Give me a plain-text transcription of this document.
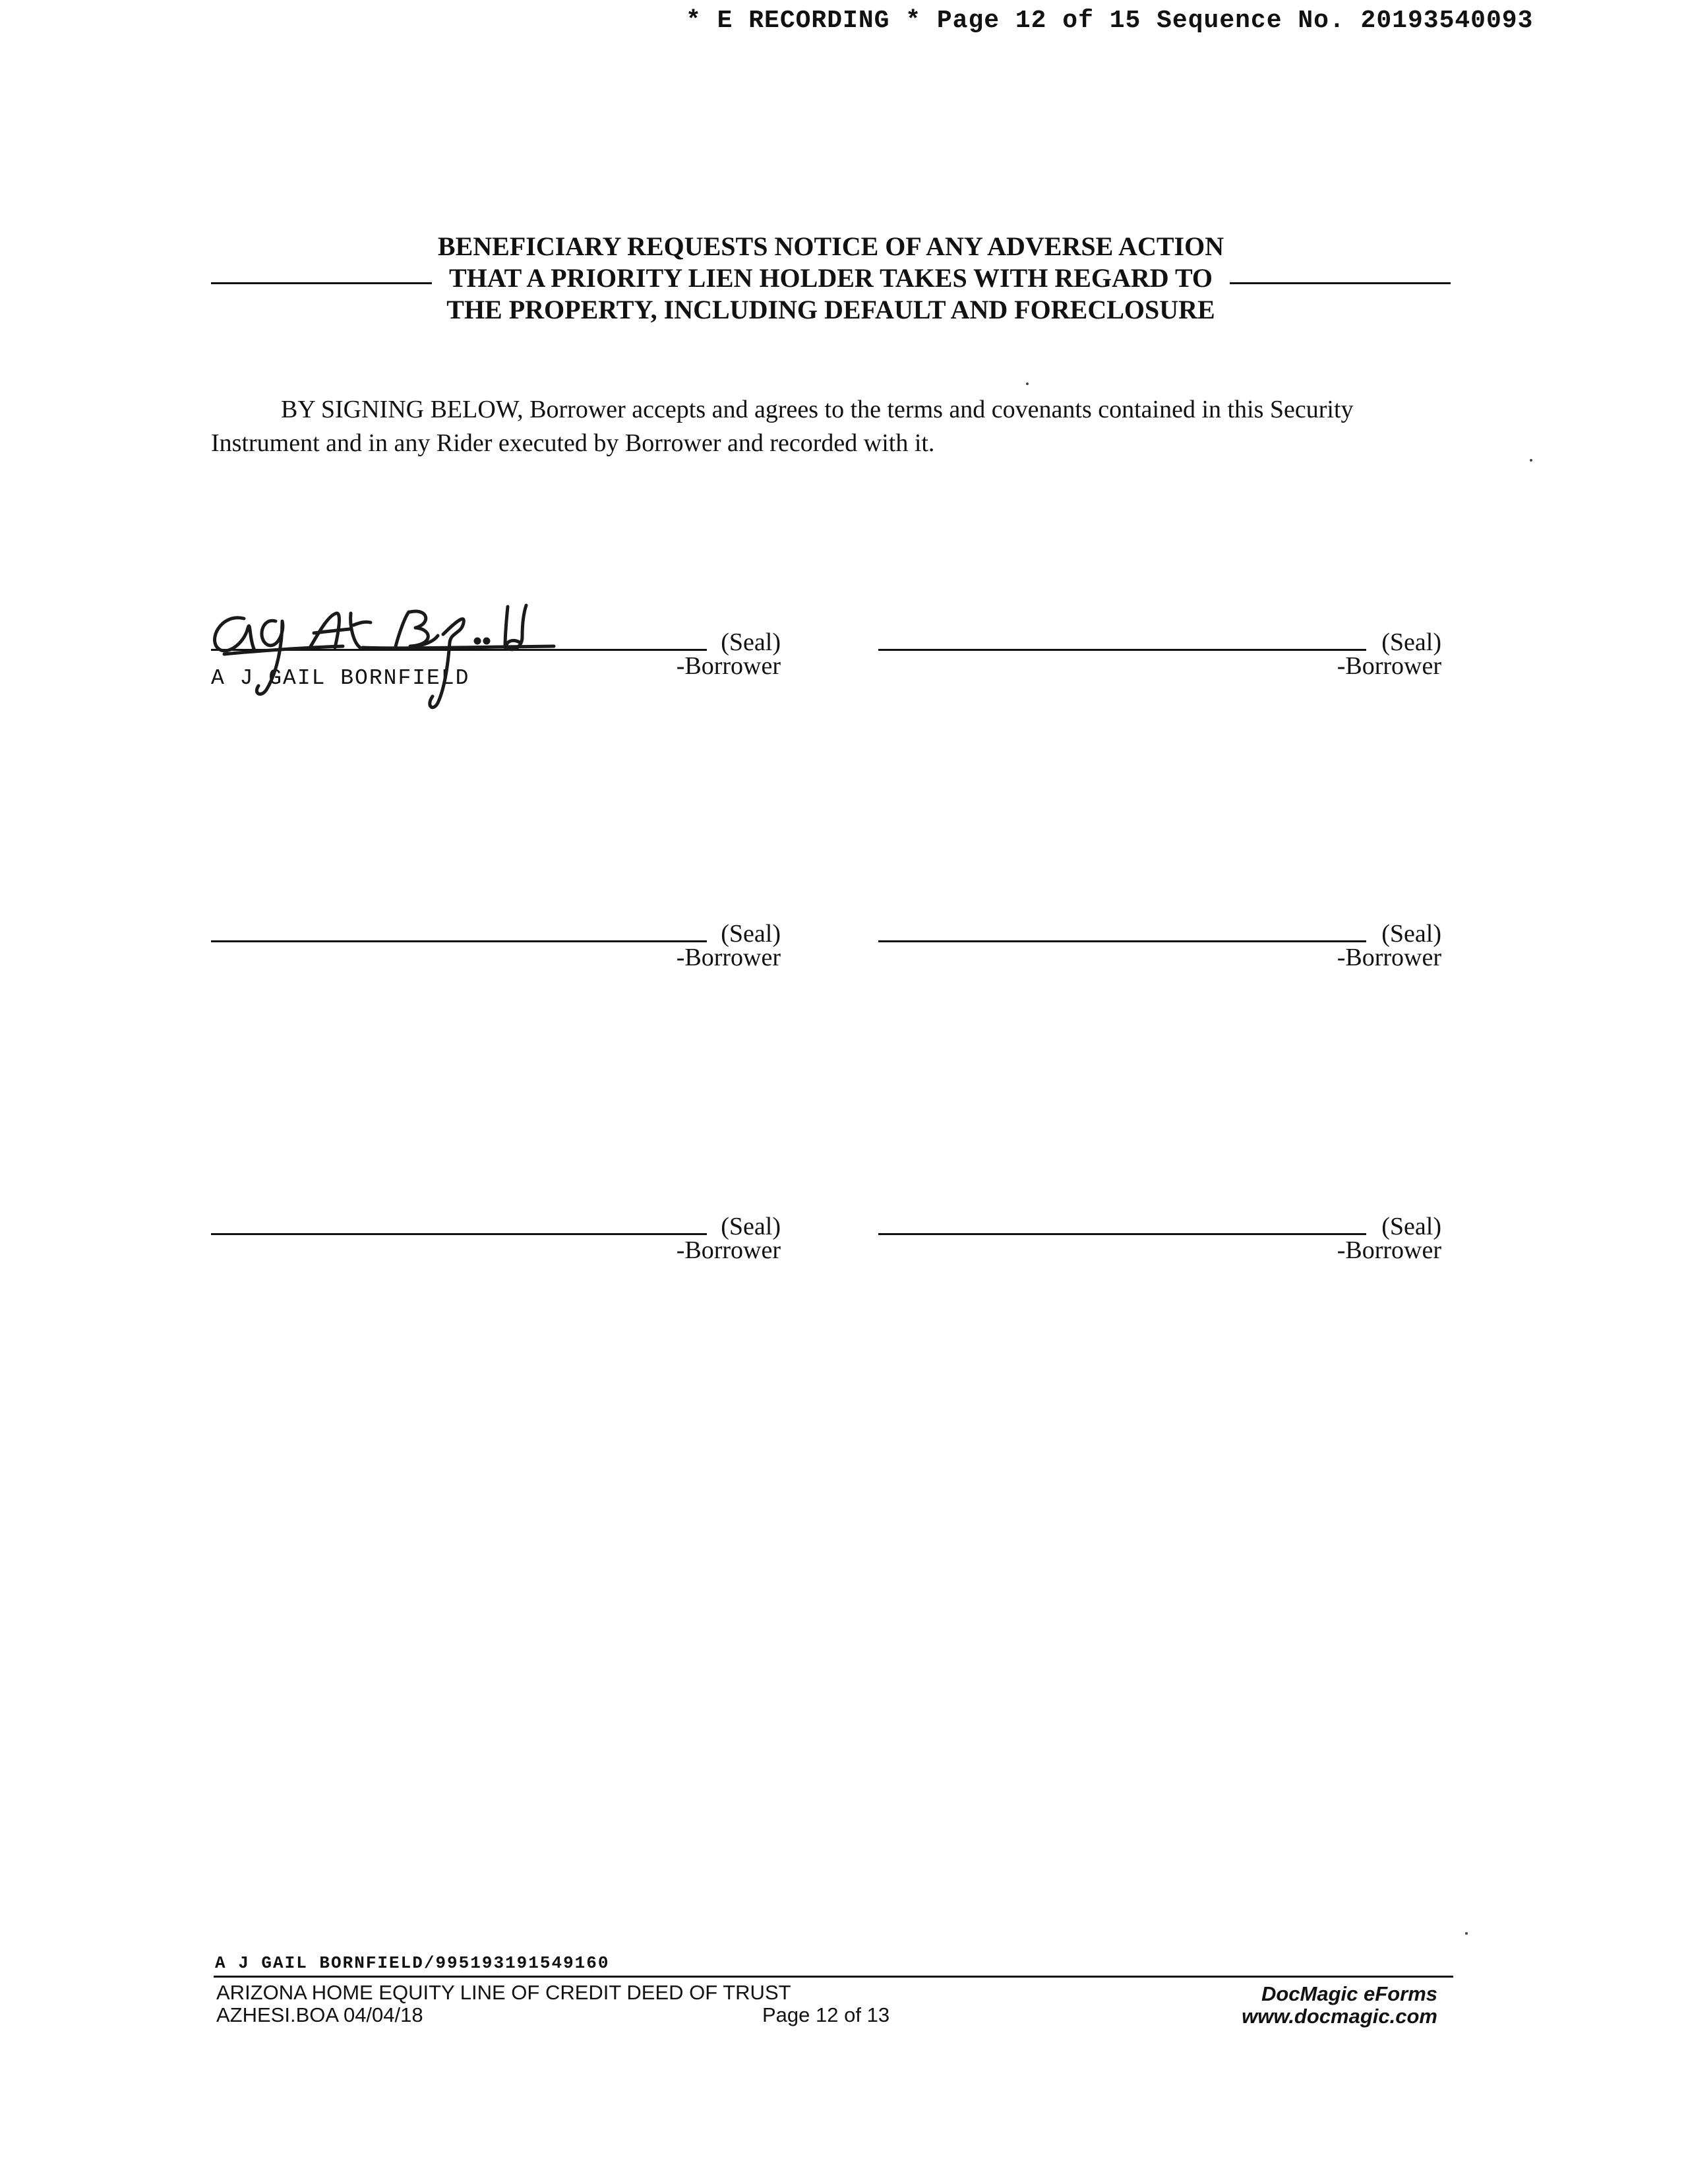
* E RECORDING * Page 12 of 15 Sequence No. 20193540093
BENEFICIARY REQUESTS NOTICE OF ANY ADVERSE ACTION
THAT A PRIORITY LIEN HOLDER TAKES WITH REGARD TO
THE PROPERTY, INCLUDING DEFAULT AND FORECLOSURE
BY SIGNING BELOW, Borrower accepts and agrees to the terms and covenants contained in this Security Instrument and in any Rider executed by Borrower and recorded with it.
(Seal)
-Borrower
A J GAIL BORNFIELD
(Seal)
-Borrower
(Seal)
-Borrower
(Seal)
-Borrower
(Seal)
-Borrower
(Seal)
-Borrower
A J GAIL BORNFIELD/995193191549160
ARIZONA HOME EQUITY LINE OF CREDIT DEED OF TRUST
AZHESI.BOA 04/04/18	Page 12 of 13
DocMagic eForms
www.docmagic.com
